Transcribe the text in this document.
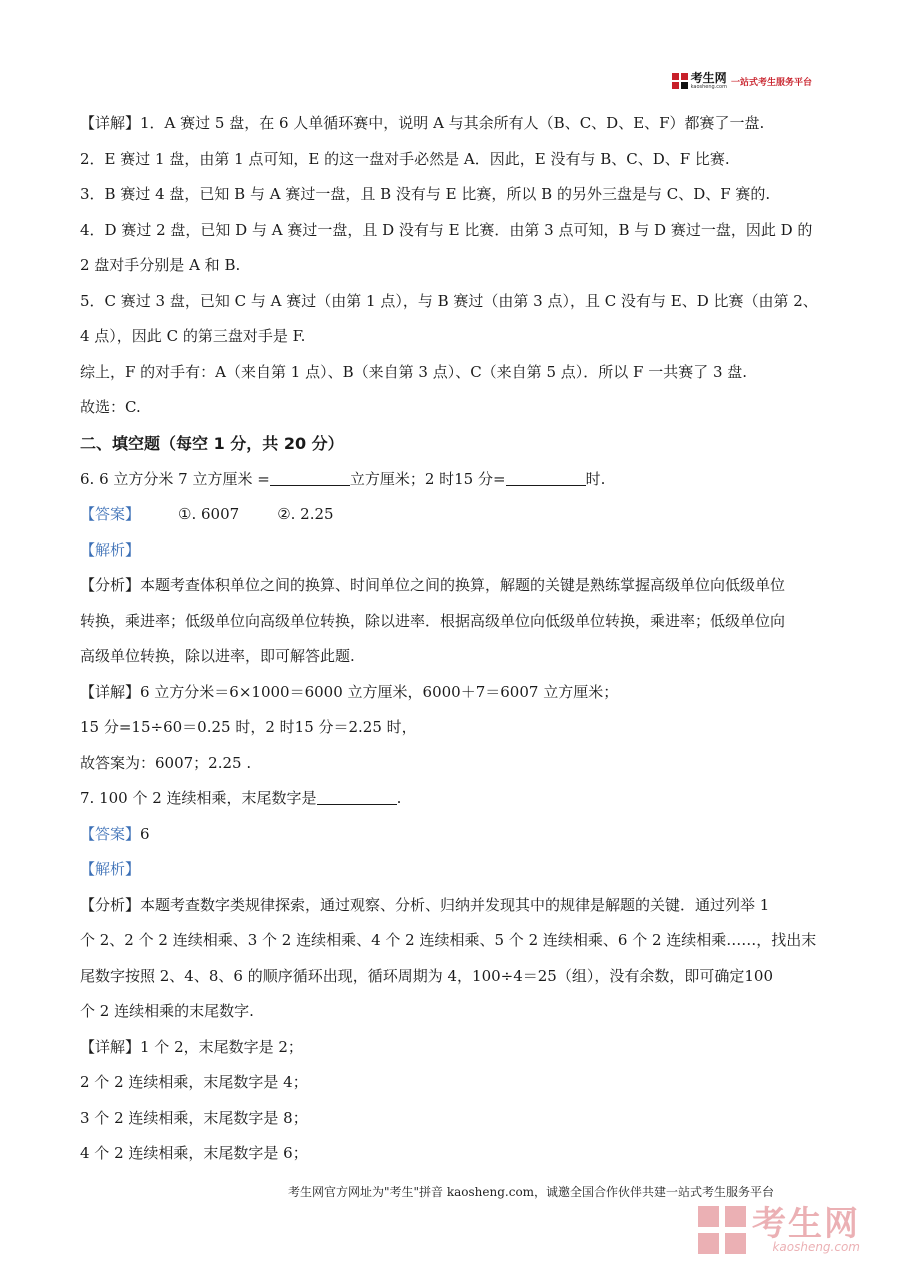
考生网
kaosheng.com 一站式考生服务平台
【详解】1．A 赛过 5 盘，在 6 人单循环赛中，说明 A 与其余所有人（B、C、D、E、F）都赛了一盘.
2．E 赛过 1 盘，由第 1 点可知，E 的这一盘对手必然是 A．因此，E 没有与 B、C、D、F 比赛.
3．B 赛过 4 盘，已知 B 与 A 赛过一盘，且 B 没有与 E 比赛，所以 B 的另外三盘是与 C、D、F 赛的.
4．D 赛过 2 盘，已知 D 与 A 赛过一盘，且 D 没有与 E 比赛．由第 3 点可知，B 与 D 赛过一盘，因此 D 的
2 盘对手分别是 A 和 B.
5．C 赛过 3 盘，已知 C 与 A 赛过（由第 1 点），与 B 赛过（由第 3 点），且 C 没有与 E、D 比赛（由第 2、
4 点），因此 C 的第三盘对手是 F.
综上，F 的对手有：A（来自第 1 点）、B（来自第 3 点）、C（来自第 5 点）．所以 F 一共赛了 3 盘.
故选：C.
二、填空题（每空 1 分，共 20 分）
6. 6 立方分米 7 立方厘米 =	立方厘米；2 时15 分=	时.
【答案】	①. 6007	②. 2.25
【解析】
【分析】本题考查体积单位之间的换算、时间单位之间的换算，解题的关键是熟练掌握高级单位向低级单位
转换，乘进率；低级单位向高级单位转换，除以进率．根据高级单位向低级单位转换，乘进率；低级单位向
高级单位转换，除以进率，即可解答此题.
【详解】6 立方分米＝6×1000＝6000 立方厘米，6000＋7＝6007 立方厘米；
15 分=15÷60＝0.25 时，2 时15 分＝2.25 时，
故答案为：6007；2.25 .
7. 100 个 2 连续相乘，末尾数字是	.
【答案】6
【解析】
【分析】本题考查数字类规律探索，通过观察、分析、归纳并发现其中的规律是解题的关键．通过列举 1
个 2、2 个 2 连续相乘、3 个 2 连续相乘、4 个 2 连续相乘、5 个 2 连续相乘、6 个 2 连续相乘……，找出末
尾数字按照 2、4、8、6 的顺序循环出现，循环周期为 4，100÷4＝25（组），没有余数，即可确定100
个 2 连续相乘的末尾数字.
【详解】1 个 2，末尾数字是 2；
2 个 2 连续相乘，末尾数字是 4；
3 个 2 连续相乘，末尾数字是 8；
4 个 2 连续相乘，末尾数字是 6；
考生网官方网址为"考生"拼音 kaosheng.com，诚邀全国合作伙伴共建一站式考生服务平台
考生网
kaosheng.com
